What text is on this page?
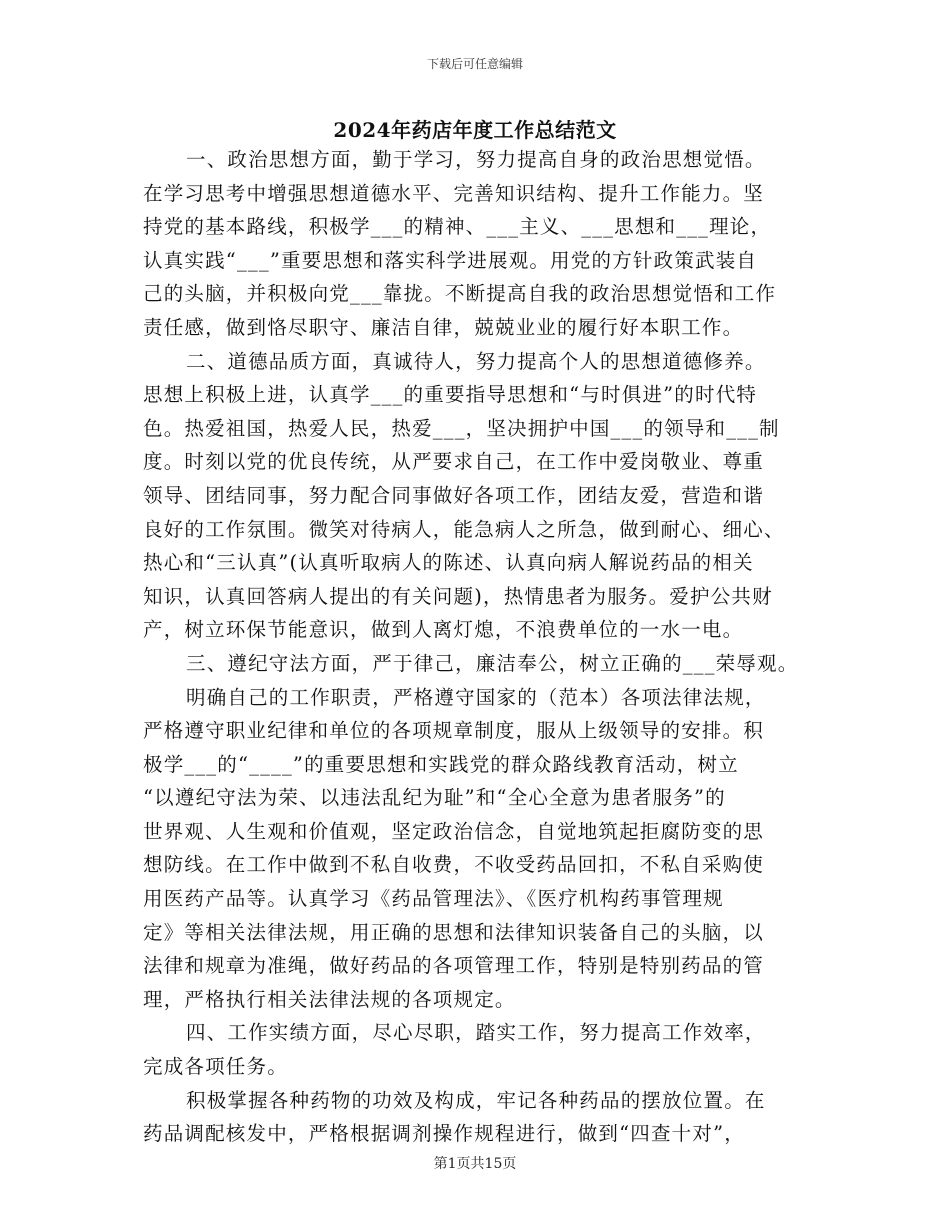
下载后可任意编辑
2024年药店年度工作总结范文
一、政治思想方面，勤于学习，努力提高自身的政治思想觉悟。
在学习思考中增强思想道德水平、完善知识结构、提升工作能力。坚
持党的基本路线，积极学___的精神、___主义、___思想和___理论，
认真实践“___”重要思想和落实科学进展观。用党的方针政策武装自
己的头脑，并积极向党___靠拢。不断提高自我的政治思想觉悟和工作
责任感，做到恪尽职守、廉洁自律，兢兢业业的履行好本职工作。
二、道德品质方面，真诚待人，努力提高个人的思想道德修养。
思想上积极上进，认真学___的重要指导思想和“与时俱进”的时代特
色。热爱祖国，热爱人民，热爱___，坚决拥护中国___的领导和___制
度。时刻以党的优良传统，从严要求自己，在工作中爱岗敬业、尊重
领导、团结同事，努力配合同事做好各项工作，团结友爱，营造和谐
良好的工作氛围。微笑对待病人，能急病人之所急，做到耐心、细心、
热心和“三认真”(认真听取病人的陈述、认真向病人解说药品的相关
知识，认真回答病人提出的有关问题)，热情患者为服务。爱护公共财
产，树立环保节能意识，做到人离灯熄，不浪费单位的一水一电。
三、遵纪守法方面，严于律己，廉洁奉公，树立正确的___荣辱观。
明确自己的工作职责，严格遵守国家的（范本）各项法律法规，
严格遵守职业纪律和单位的各项规章制度，服从上级领导的安排。积
极学___的“____”的重要思想和实践党的群众路线教育活动，树立
“以遵纪守法为荣、以违法乱纪为耻”和“全心全意为患者服务”的
世界观、人生观和价值观，坚定政治信念，自觉地筑起拒腐防变的思
想防线。在工作中做到不私自收费，不收受药品回扣，不私自采购使
用医药产品等。认真学习《药品管理法》、《医疗机构药事管理规
定》等相关法律法规，用正确的思想和法律知识装备自己的头脑，以
法律和规章为准绳，做好药品的各项管理工作，特别是特别药品的管
理，严格执行相关法律法规的各项规定。
四、工作实绩方面，尽心尽职，踏实工作，努力提高工作效率，
完成各项任务。
积极掌握各种药物的功效及构成，牢记各种药品的摆放位置。在
药品调配核发中，严格根据调剂操作规程进行，做到“四查十对”，
第1页共15页
